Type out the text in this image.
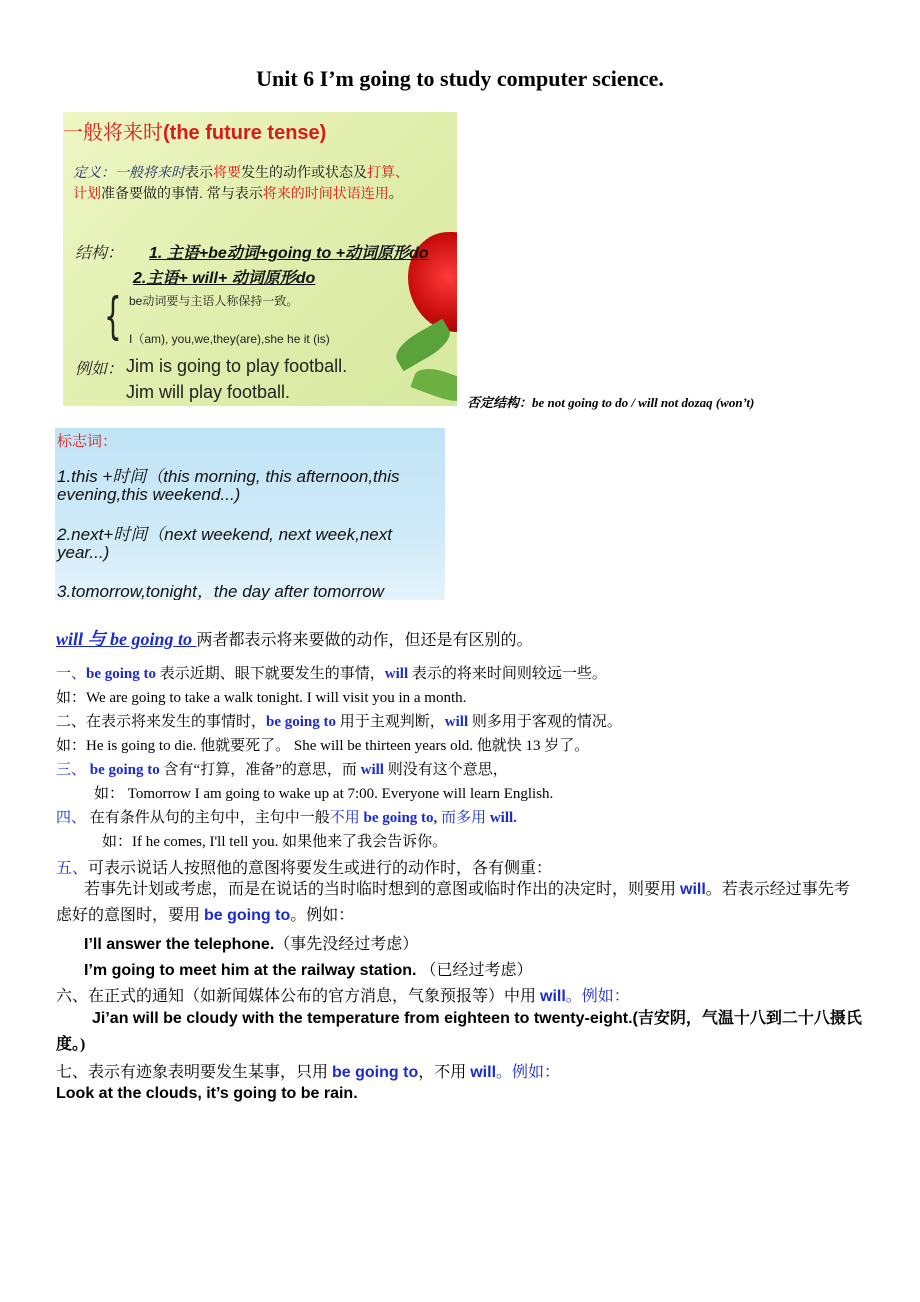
Unit 6 I’m going to study computer science.
一般将来时(the future tense)
定义：一般将来时表示将要发生的动作或状态及打算、
计划准备要做的事情. 常与表示将来的时间状语连用。
结构： 1. 主语+be动词+going to +动词原形do
2.主语+ will+ 动词原形do
{ be动词要与主语人称保持一致。
I（am), you,we,they(are),she he it (is)
例如： Jim is going to play football.
Jim will play football.
否定结构：be not going to do / will not dozaq (won’t)
标志词：
1.this +时间（this morning, this afternoon,this
evening,this weekend...)
2.next+时间（next weekend, next week,next
year...)
3.tomorrow,tonight，the day after tomorrow
will 与 be going to 两者都表示将来要做的动作，但还是有区别的。
一、be going to 表示近期、眼下就要发生的事情，will 表示的将来时间则较远一些。
如：We are going to take a walk tonight. I will visit you in a month.
二、在表示将来发生的事情时，be going to 用于主观判断，will 则多用于客观的情况。
如：He is going to die. 他就要死了。 She will be thirteen years old. 他就快 13 岁了。
三、 be going to 含有“打算，准备”的意思，而 will 则没有这个意思，
如： Tomorrow I am going to wake up at 7:00. Everyone will learn English.
四、 在有条件从句的主句中，主句中一般不用 be going to, 而多用 will.
如：If he comes, I'll tell you. 如果他来了我会告诉你。
五、可表示说话人按照他的意图将要发生或进行的动作时，各有侧重：
若事先计划或考虑，而是在说话的当时临时想到的意图或临时作出的决定时，则要用 will。若表示经过事先考虑好的意图时，要用 be going to。例如：
I’ll answer the telephone.（事先没经过考虑）
I’m going to meet him at the railway station. （已经过考虑）
六、在正式的通知（如新闻媒体公布的官方消息，气象预报等）中用 will。例如：
Ji’an will be cloudy with the temperature from eighteen to twenty-eight.(吉安阴，气温十八到二十八摄氏度。)
七、表示有迹象表明要发生某事，只用 be going to，不用 will。例如：
Look at the clouds, it’s going to be rain.
